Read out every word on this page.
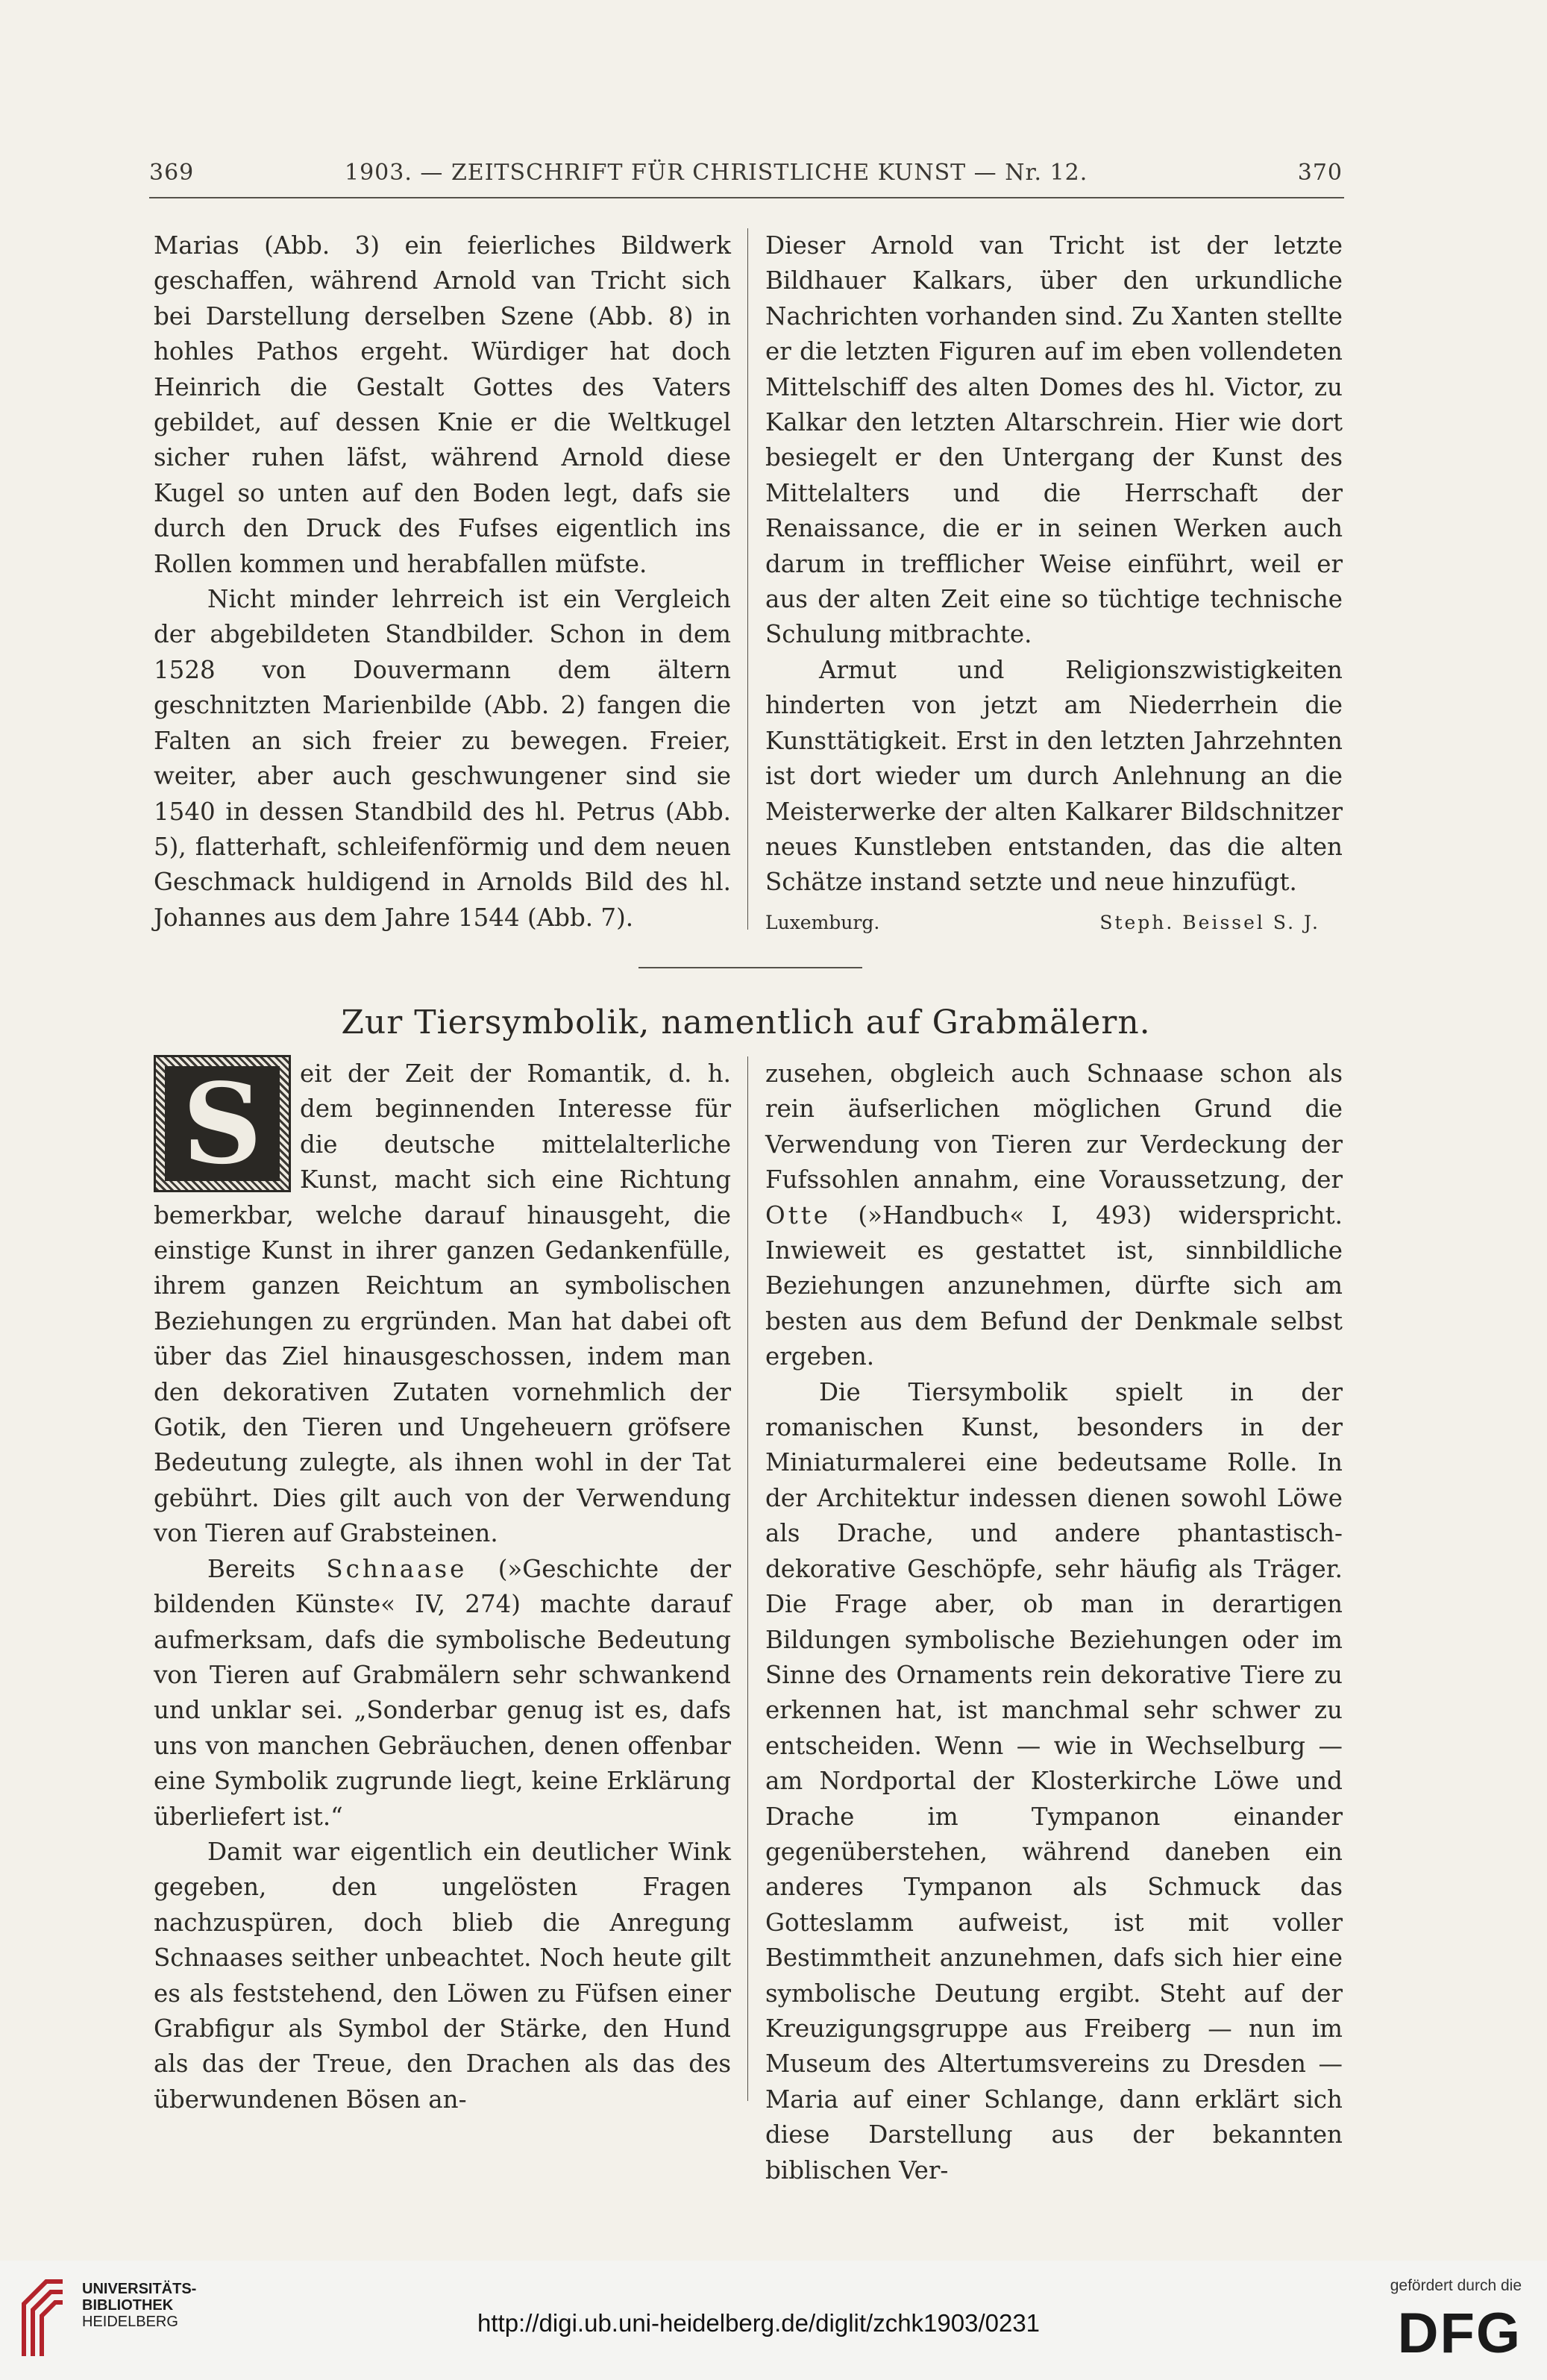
369	1903. — ZEITSCHRIFT FÜR CHRISTLICHE KUNST — Nr. 12.	370

Marias (Abb. 3) ein feierliches Bildwerk geschaffen, während Arnold van Tricht sich bei Darstellung derselben Szene (Abb. 8) in hohles Pathos ergeht. Würdiger hat doch Heinrich die Gestalt Gottes des Vaters gebildet, auf dessen Knie er die Weltkugel sicher ruhen läfst, während Arnold diese Kugel so unten auf den Boden legt, dafs sie durch den Druck des Fufses eigentlich ins Rollen kommen und herabfallen müfste.

Nicht minder lehrreich ist ein Vergleich der abgebildeten Standbilder. Schon in dem 1528 von Douvermann dem ältern geschnitzten Marienbilde (Abb. 2) fangen die Falten an sich freier zu bewegen. Freier, weiter, aber auch geschwungener sind sie 1540 in dessen Standbild des hl. Petrus (Abb. 5), flatterhaft, schleifenförmig und dem neuen Geschmack huldigend in Arnolds Bild des hl. Johannes aus dem Jahre 1544 (Abb. 7).

Dieser Arnold van Tricht ist der letzte Bildhauer Kalkars, über den urkundliche Nachrichten vorhanden sind. Zu Xanten stellte er die letzten Figuren auf im eben vollendeten Mittelschiff des alten Domes des hl. Victor, zu Kalkar den letzten Altarschrein. Hier wie dort besiegelt er den Untergang der Kunst des Mittelalters und die Herrschaft der Renaissance, die er in seinen Werken auch darum in trefflicher Weise einführt, weil er aus der alten Zeit eine so tüchtige technische Schulung mitbrachte.

Armut und Religionszwistigkeiten hinderten von jetzt am Niederrhein die Kunsttätigkeit. Erst in den letzten Jahrzehnten ist dort wieder um durch Anlehnung an die Meisterwerke der alten Kalkarer Bildschnitzer neues Kunstleben entstanden, das die alten Schätze instand setzte und neue hinzufügt.

Luxemburg.	Steph. Beissel S. J.
Zur Tiersymbolik, namentlich auf Grabmälern.
S	eit der Zeit der Romantik, d. h. dem beginnenden Interesse für die deutsche mittelalterliche Kunst, macht sich eine Richtung bemerkbar, welche darauf hinausgeht, die einstige Kunst in ihrer ganzen Gedankenfülle, ihrem ganzen Reichtum an symbolischen Beziehungen zu ergründen. Man hat dabei oft über das Ziel hinausgeschossen, indem man den dekorativen Zutaten vornehmlich der Gotik, den Tieren und Ungeheuern gröfsere Bedeutung zulegte, als ihnen wohl in der Tat gebührt. Dies gilt auch von der Verwendung von Tieren auf Grabsteinen.

Bereits Schnaase (»Geschichte der bildenden Künste« IV, 274) machte darauf aufmerksam, dafs die symbolische Bedeutung von Tieren auf Grabmälern sehr schwankend und unklar sei. „Sonderbar genug ist es, dafs uns von manchen Gebräuchen, denen offenbar eine Symbolik zugrunde liegt, keine Erklärung überliefert ist.“

Damit war eigentlich ein deutlicher Wink gegeben, den ungelösten Fragen nachzuspüren, doch blieb die Anregung Schnaases seither unbeachtet. Noch heute gilt es als feststehend, den Löwen zu Füfsen einer Grabfigur als Symbol der Stärke, den Hund als das der Treue, den Drachen als das des überwundenen Bösen an-

zusehen, obgleich auch Schnaase schon als rein äufserlichen möglichen Grund die Verwendung von Tieren zur Verdeckung der Fufssohlen annahm, eine Voraussetzung, der Otte (»Handbuch« I, 493) widerspricht. Inwieweit es gestattet ist, sinnbildliche Beziehungen anzunehmen, dürfte sich am besten aus dem Befund der Denkmale selbst ergeben.

Die Tiersymbolik spielt in der romanischen Kunst, besonders in der Miniaturmalerei eine bedeutsame Rolle. In der Architektur indessen dienen sowohl Löwe als Drache, und andere phantastisch-dekorative Geschöpfe, sehr häufig als Träger. Die Frage aber, ob man in derartigen Bildungen symbolische Beziehungen oder im Sinne des Ornaments rein dekorative Tiere zu erkennen hat, ist manchmal sehr schwer zu entscheiden. Wenn — wie in Wechselburg — am Nordportal der Klosterkirche Löwe und Drache im Tympanon einander gegenüberstehen, während daneben ein anderes Tympanon als Schmuck das Gotteslamm aufweist, ist mit voller Bestimmtheit anzunehmen, dafs sich hier eine symbolische Deutung ergibt. Steht auf der Kreuzigungsgruppe aus Freiberg — nun im Museum des Altertumsvereins zu Dresden — Maria auf einer Schlange, dann erklärt sich diese Darstellung aus der bekannten biblischen Ver-

UNIVERSITÄTS-
BIBLIOTHEK
HEIDELBERG	http://digi.ub.uni-heidelberg.de/diglit/zchk1903/0231
gefördert durch die
DFG
